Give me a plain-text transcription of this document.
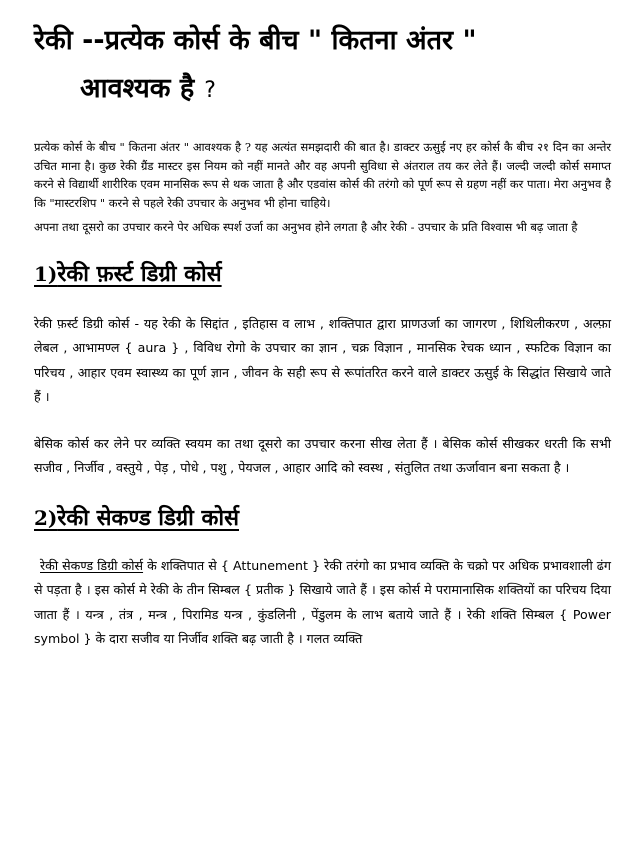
रेकी --प्रत्येक कोर्स के बीच " कितना अंतर "
आवश्यक है ?

प्रत्येक कोर्स के बीच " कितना अंतर " आवश्यक है ? यह अत्यंत समझदारी की बात है। डाक्टर ऊसुई नए हर कोर्स कै बीच २१ दिन का अन्तेर उचित माना है। कुछ रेकी ग्रैंड मास्टर इस नियम को नहीं मानते और वह अपनी सुविधा से अंतराल तय कर लेते हैं। जल्दी जल्दी कोर्स समाप्त करने से विद्यार्थी शारीरिक एवम मानसिक रूप से थक जाता है और एडवांस कोर्स की तरंगो को पूर्ण रूप से ग्रहण नहीं कर पाता। मेरा अनुभव है कि "मास्टरशिप " करने से पहले रेकी उपचार के अनुभव भी होना चाहिये।

अपना तथा दूसरो का उपचार करने पेर अधिक स्पर्श उर्जा का अनुभव होने लगता है और रेकी - उपचार के प्रति विश्वास भी बढ़ जाता है

1)रेकी फ़र्स्ट डिग्री कोर्स

रेकी फ़र्स्ट डिग्री कोर्स - यह रेकी के सिद्दांत , इतिहास व लाभ , शक्तिपात द्वारा प्राणउर्जा का जागरण , शिथिलीकरण , अल्फ़ा लेबल , आभामण्ल { aura } , विविध रोगो के उपचार का ज्ञान , चक्र विज्ञान , मानसिक रेचक ध्यान , स्फटिक विज्ञान का परिचय , आहार एवम स्वास्थ्य का पूर्ण ज्ञान , जीवन के सही रूप से रूपांतरित करने वाले डाक्टर ऊसुई के सिद्धांत सिखाये जाते हैं ।

बेसिक कोर्स कर लेने पर व्यक्ति स्वयम का तथा दूसरो का उपचार करना सीख लेता हैं । बेसिक कोर्स सीखकर धरती कि सभी सजीव , निर्जीव , वस्तुये , पेड़ , पोधे , पशु , पेयजल , आहार आदि को स्वस्थ , संतुलित तथा ऊर्जावान बना सकता है ।

2)रेकी सेकण्ड डिग्री कोर्स

रेकी सेकण्ड डिग्री कोर्स के शक्तिपात से { Attunement } रेकी तरंगो का प्रभाव व्यक्ति के चक्रो पर अधिक प्रभावशाली ढंग से पड़ता है । इस कोर्स मे रेकी के तीन सिम्बल { प्रतीक } सिखाये जाते हैं । इस कोर्स मे परामानासिक शक्तियों का परिचय दिया जाता हैं । यन्त्र , तंत्र , मन्त्र , पिरामिड यन्त्र , कुंडलिनी , पेंडुलम के लाभ बताये जाते हैं । रेकी शक्ति सिम्बल { Power symbol } के दारा सजीव या निर्जीव शक्ति बढ़ जाती है । गलत व्यक्ति
